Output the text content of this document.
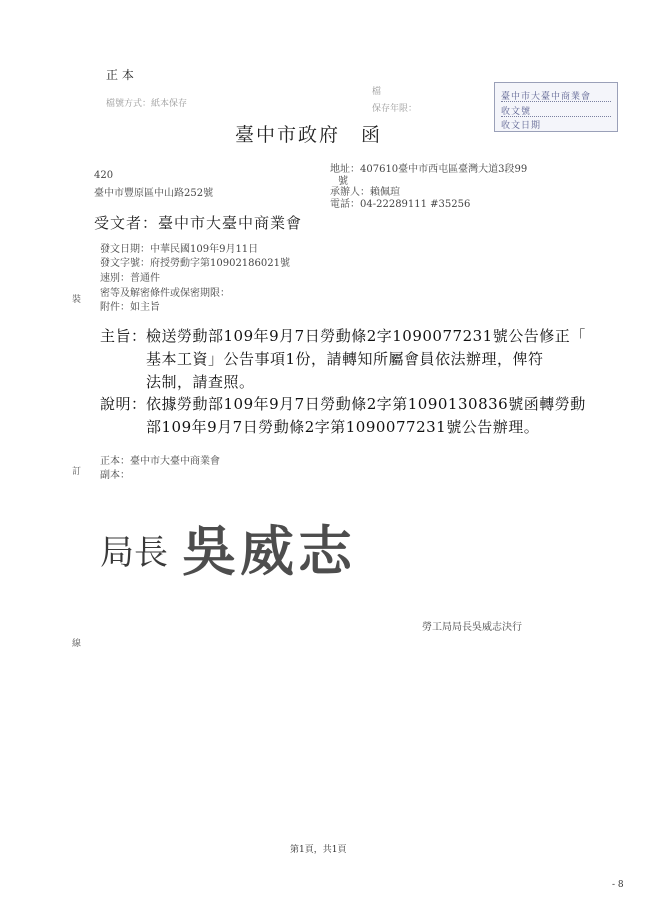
正 本
檔號方式：紙本保存
檔
保存年限：
臺中市大臺中商業會
收文號
收文日期
臺中市政府　函
420
臺中市豐原區中山路252號
地址：407610臺中市西屯區臺灣大道3段99
號
承辦人：賴佩瑄
電話：04-22289111 #35256
受文者：臺中市大臺中商業會
發文日期：中華民國109年9月11日
發文字號：府授勞動字第10902186021號
速別：普通件
密等及解密條件或保密期限：
附件：如主旨
主旨： 檢送勞動部109年9月7日勞動條2字1090077231號公告修正「
基本工資」公告事項1份，請轉知所屬會員依法辦理，俾符
法制，請查照。
說明： 依據勞動部109年9月7日勞動條2字第1090130836號函轉勞動
部109年9月7日勞動條2字第1090077231號公告辦理。
正本：臺中市大臺中商業會
副本：
局長 吳威志
勞工局局長吳威志決行
裝
訂
線
第1頁，共1頁
- 8
